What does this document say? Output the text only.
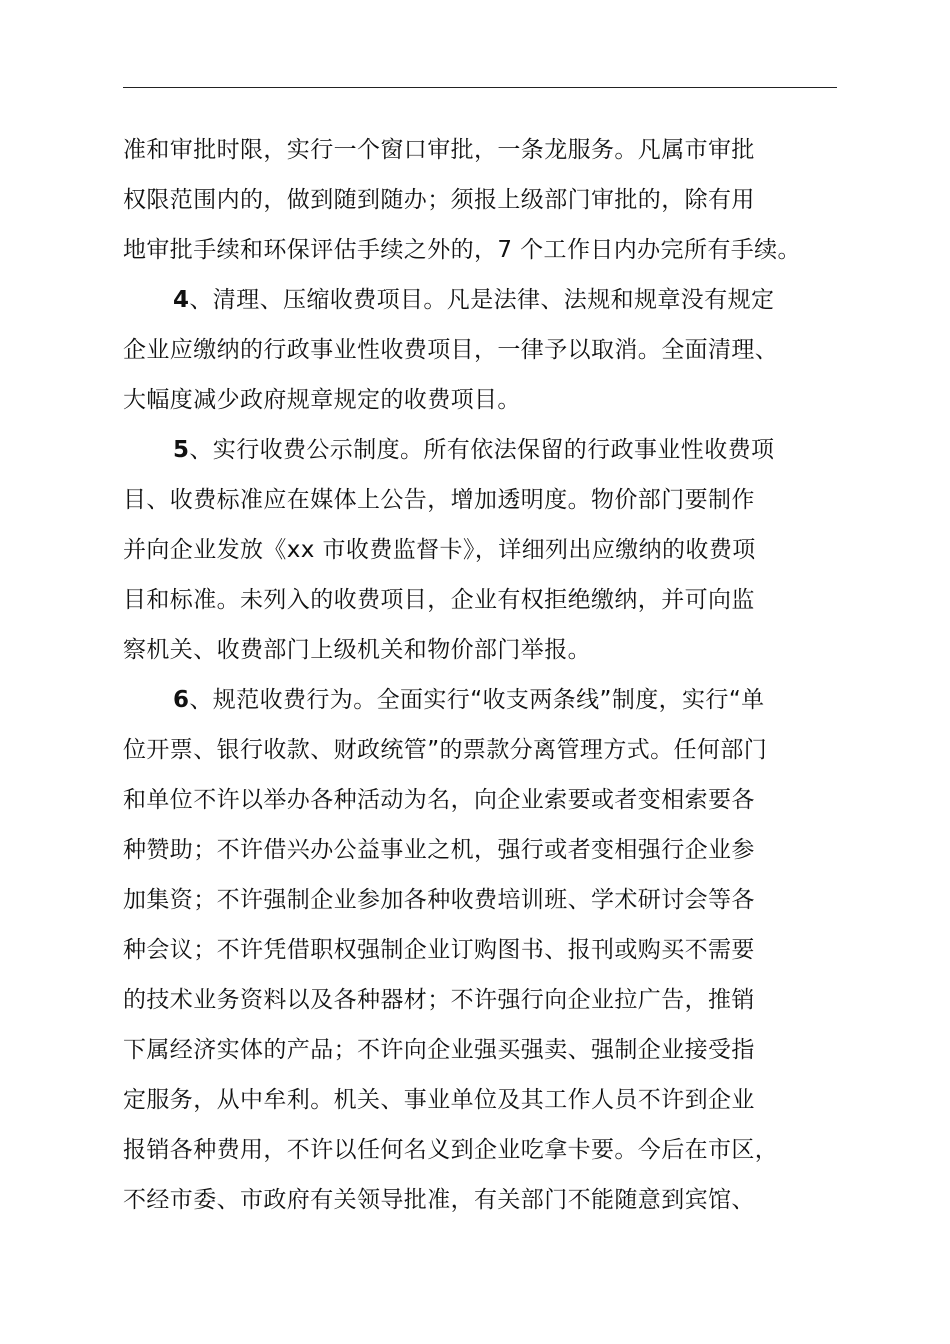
准和审批时限，实行一个窗口审批，一条龙服务。凡属市审批
权限范围内的，做到随到随办；须报上级部门审批的，除有用
地审批手续和环保评估手续之外的，7 个工作日内办完所有手续。
4、清理、压缩收费项目。凡是法律、法规和规章没有规定
企业应缴纳的行政事业性收费项目，一律予以取消。全面清理、
大幅度减少政府规章规定的收费项目。
5、实行收费公示制度。所有依法保留的行政事业性收费项
目、收费标准应在媒体上公告，增加透明度。物价部门要制作
并向企业发放《xx 市收费监督卡》，详细列出应缴纳的收费项
目和标准。未列入的收费项目，企业有权拒绝缴纳，并可向监
察机关、收费部门上级机关和物价部门举报。
6、规范收费行为。全面实行“收支两条线”制度，实行“单
位开票、银行收款、财政统管”的票款分离管理方式。任何部门
和单位不许以举办各种活动为名，向企业索要或者变相索要各
种赞助；不许借兴办公益事业之机，强行或者变相强行企业参
加集资；不许强制企业参加各种收费培训班、学术研讨会等各
种会议；不许凭借职权强制企业订购图书、报刊或购买不需要
的技术业务资料以及各种器材；不许强行向企业拉广告，推销
下属经济实体的产品；不许向企业强买强卖、强制企业接受指
定服务，从中牟利。机关、事业单位及其工作人员不许到企业
报销各种费用，不许以任何名义到企业吃拿卡要。今后在市区，
不经市委、市政府有关领导批准，有关部门不能随意到宾馆、
